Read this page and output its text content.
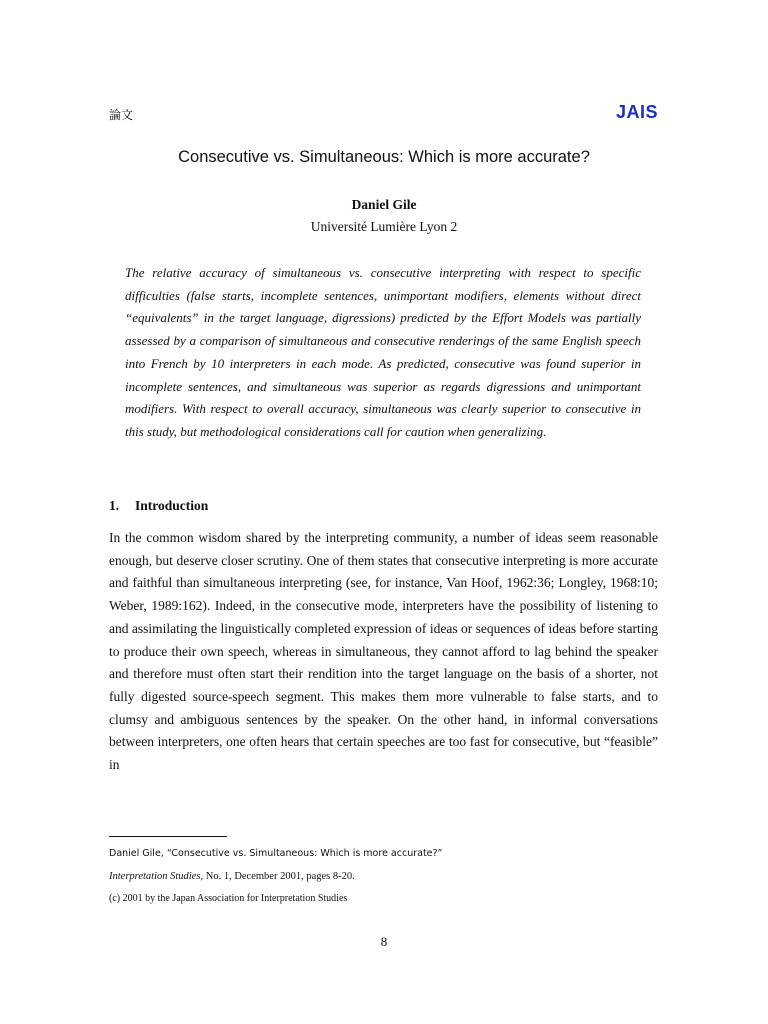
論文	JAIS
Consecutive vs. Simultaneous: Which is more accurate?
Daniel Gile
Université Lumière Lyon 2
The relative accuracy of simultaneous vs. consecutive interpreting with respect to specific difficulties (false starts, incomplete sentences, unimportant modifiers, elements without direct “equivalents” in the target language, digressions) predicted by the Effort Models was partially assessed by a comparison of simultaneous and consecutive renderings of the same English speech into French by 10 interpreters in each mode. As predicted, consecutive was found superior in incomplete sentences, and simultaneous was superior as regards digressions and unimportant modifiers. With respect to overall accuracy, simultaneous was clearly superior to consecutive in this study, but methodological considerations call for caution when generalizing.
1. Introduction
In the common wisdom shared by the interpreting community, a number of ideas seem reasonable enough, but deserve closer scrutiny. One of them states that consecutive interpreting is more accurate and faithful than simultaneous interpreting (see, for instance, Van Hoof, 1962:36; Longley, 1968:10; Weber, 1989:162). Indeed, in the consecutive mode, interpreters have the possibility of listening to and assimilating the linguistically completed expression of ideas or sequences of ideas before starting to produce their own speech, whereas in simultaneous, they cannot afford to lag behind the speaker and therefore must often start their rendition into the target language on the basis of a shorter, not fully digested source-speech segment. This makes them more vulnerable to false starts, and to clumsy and ambiguous sentences by the speaker. On the other hand, in informal conversations between interpreters, one often hears that certain speeches are too fast for consecutive, but “feasible” in
Daniel Gile, “Consecutive vs. Simultaneous: Which is more accurate?”
Interpretation Studies, No. 1, December 2001, pages 8-20.
(c) 2001 by the Japan Association for Interpretation Studies
8
